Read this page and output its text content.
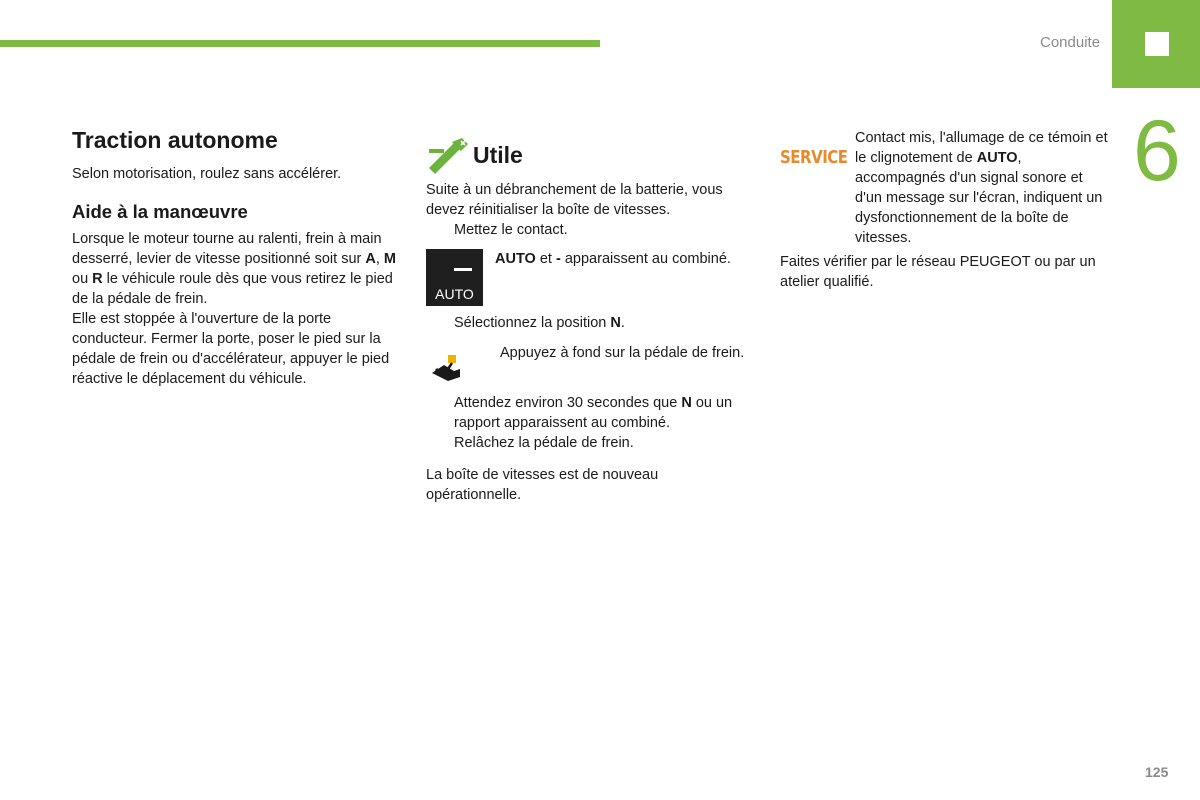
Conduite
6
Traction autonome

Selon motorisation, roulez sans accélérer.

Aide à la manœuvre

Lorsque le moteur tourne au ralenti, frein à main desserré, levier de vitesse positionné soit sur A, M ou R le véhicule roule dès que vous retirez le pied de la pédale de frein.

Elle est stoppée à l'ouverture de la porte conducteur. Fermer la porte, poser le pied sur la pédale de frein ou d'accélérateur, appuyer le pied réactive le déplacement du véhicule.

Utile

Suite à un débranchement de la batterie, vous devez réinitialiser la boîte de vitesses.

Mettez le contact.
AUTO

AUTO et - apparaissent au combiné.

Sélectionnez la position N.
Appuyez à fond sur la pédale de frein.
Attendez environ 30 secondes que N ou un rapport apparaissent au combiné.
Relâchez la pédale de frein.

La boîte de vitesses est de nouveau opérationnelle.

SERVICE

Contact mis, l'allumage de ce témoin et le clignotement de AUTO, accompagnés d'un signal sonore et d'un message sur l'écran, indiquent un dysfonctionnement de la boîte de vitesses.

Faites vérifier par le réseau PEUGEOT ou par un atelier qualifié.

125
